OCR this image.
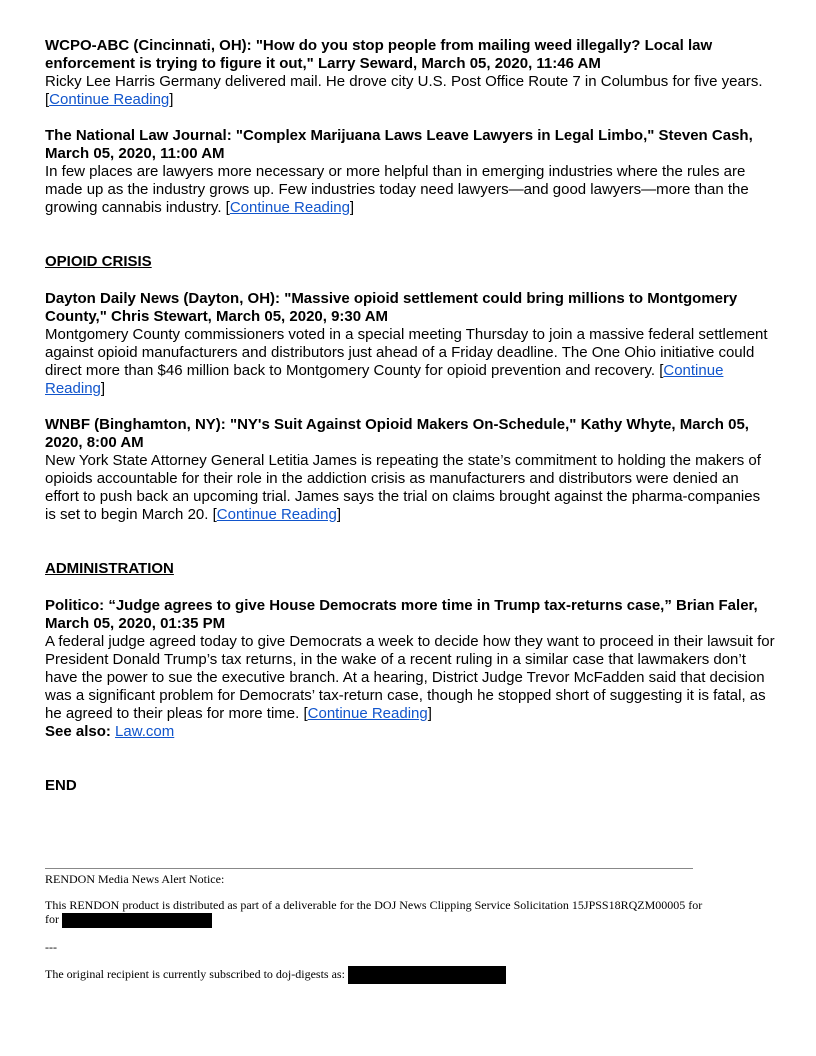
WCPO-ABC (Cincinnati, OH): "How do you stop people from mailing weed illegally? Local law enforcement is trying to figure it out," Larry Seward, March 05, 2020, 11:46 AM
Ricky Lee Harris Germany delivered mail. He drove city U.S. Post Office Route 7 in Columbus for five years. [Continue Reading]
The National Law Journal: "Complex Marijuana Laws Leave Lawyers in Legal Limbo," Steven Cash, March 05, 2020, 11:00 AM
In few places are lawyers more necessary or more helpful than in emerging industries where the rules are made up as the industry grows up. Few industries today need lawyers—and good lawyers—more than the growing cannabis industry. [Continue Reading]
OPIOID CRISIS
Dayton Daily News (Dayton, OH): "Massive opioid settlement could bring millions to Montgomery County," Chris Stewart, March 05, 2020, 9:30 AM
Montgomery County commissioners voted in a special meeting Thursday to join a massive federal settlement against opioid manufacturers and distributors just ahead of a Friday deadline. The One Ohio initiative could direct more than $46 million back to Montgomery County for opioid prevention and recovery. [Continue Reading]
WNBF (Binghamton, NY): "NY's Suit Against Opioid Makers On-Schedule," Kathy Whyte, March 05, 2020, 8:00 AM
New York State Attorney General Letitia James is repeating the state’s commitment to holding the makers of opioids accountable for their role in the addiction crisis as manufacturers and distributors were denied an effort to push back an upcoming trial. James says the trial on claims brought against the pharma-companies is set to begin March 20. [Continue Reading]
ADMINISTRATION
Politico: “Judge agrees to give House Democrats more time in Trump tax-returns case,” Brian Faler, March 05, 2020, 01:35 PM
A federal judge agreed today to give Democrats a week to decide how they want to proceed in their lawsuit for President Donald Trump’s tax returns, in the wake of a recent ruling in a similar case that lawmakers don’t have the power to sue the executive branch. At a hearing, District Judge Trevor McFadden said that decision was a significant problem for Democrats’ tax-return case, though he stopped short of suggesting it is fatal, as he agreed to their pleas for more time. [Continue Reading]
See also: Law.com
END
RENDON Media News Alert Notice:
This RENDON product is distributed as part of a deliverable for the DOJ News Clipping Service Solicitation 15JPSS18RQZM00005 for
for
---
The original recipient is currently subscribed to doj-digests as:
